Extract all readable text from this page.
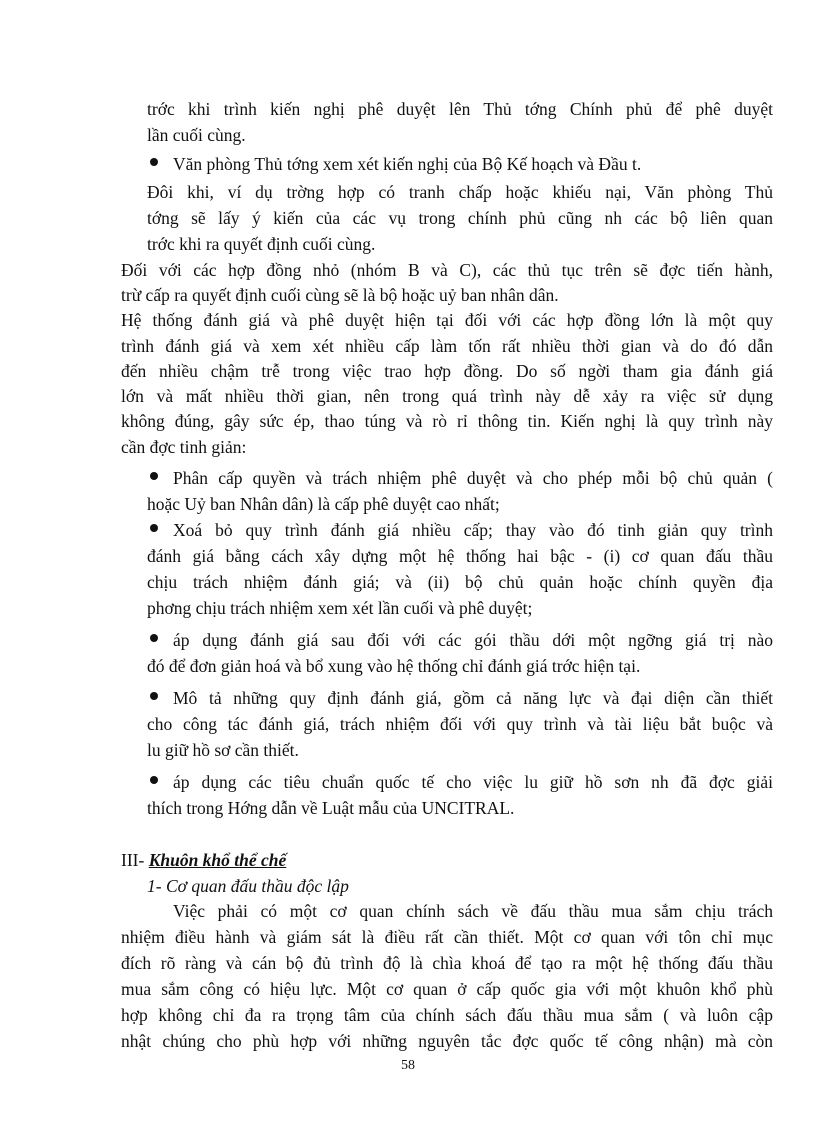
trớc khi trình kiến nghị phê duyệt lên Thủ tớng Chính phủ để phê duyệt
lần cuối cùng.
Văn phòng Thủ tớng xem xét kiến nghị của Bộ Kế hoạch và Đầu t.
Đôi khi, ví dụ trờng hợp có tranh chấp hoặc khiếu nại, Văn phòng Thủ
tớng sẽ lấy ý kiến của các vụ trong chính phủ cũng nh các bộ liên quan
trớc khi ra quyết định cuối cùng.
Đối với các hợp đồng nhỏ (nhóm B và C), các thủ tục trên sẽ đợc tiến hành,
trừ cấp ra quyết định cuối cùng sẽ là bộ hoặc uỷ ban nhân dân.
Hệ thống đánh giá và phê duyệt hiện tại đối với các hợp đồng lớn là một quy
trình đánh giá và xem xét nhiều cấp làm tốn rất nhiều thời gian và do đó dẫn
đến nhiều chậm trễ trong việc trao hợp đồng. Do số ngời tham gia đánh giá
lớn và mất nhiều thời gian, nên trong quá trình này dễ xảy ra việc sử dụng
không đúng, gây sức ép, thao túng và rò rỉ thông tin. Kiến nghị là quy trình này
cần đợc tinh giản:
Phân cấp quyền và trách nhiệm phê duyệt và cho phép mỗi bộ chủ quản (
hoặc Uỷ ban Nhân dân) là cấp phê duyệt cao nhất;
Xoá bỏ quy trình đánh giá nhiều cấp; thay vào đó tinh giản quy trình
đánh giá bằng cách xây dựng một hệ thống hai bậc - (i) cơ quan đấu thầu
chịu trách nhiệm đánh giá; và (ii) bộ chủ quản hoặc chính quyền địa
phơng chịu trách nhiệm xem xét lần cuối và phê duyệt;
áp dụng đánh giá sau đối với các gói thầu dới một ngỡng giá trị nào
đó để đơn giản hoá và bổ xung vào hệ thống chỉ đánh giá trớc hiện tại.
Mô tả những quy định đánh giá, gồm cả năng lực và đại diện cần thiết
cho công tác đánh giá, trách nhiệm đối với quy trình và tài liệu bắt buộc và
lu giữ hồ sơ cần thiết.
áp dụng các tiêu chuẩn quốc tế cho việc lu giữ hồ sơn nh đã đợc giải
thích trong Hớng dẫn về Luật mẫu của UNCITRAL.
III- Khuôn khổ thể chế
1- Cơ quan đấu thầu độc lập
Việc phải có một cơ quan chính sách về đấu thầu mua sắm chịu trách
nhiệm điều hành và giám sát là điều rất cần thiết. Một cơ quan với tôn chỉ mục
đích rõ ràng và cán bộ đủ trình độ là chìa khoá để tạo ra một hệ thống đấu thầu
mua sắm công có hiệu lực. Một cơ quan ở cấp quốc gia với một khuôn khổ phù
hợp không chỉ đa ra trọng tâm của chính sách đấu thầu mua sắm ( và luôn cập
nhật chúng cho phù hợp với những nguyên tắc đợc quốc tế công nhận) mà còn
58
